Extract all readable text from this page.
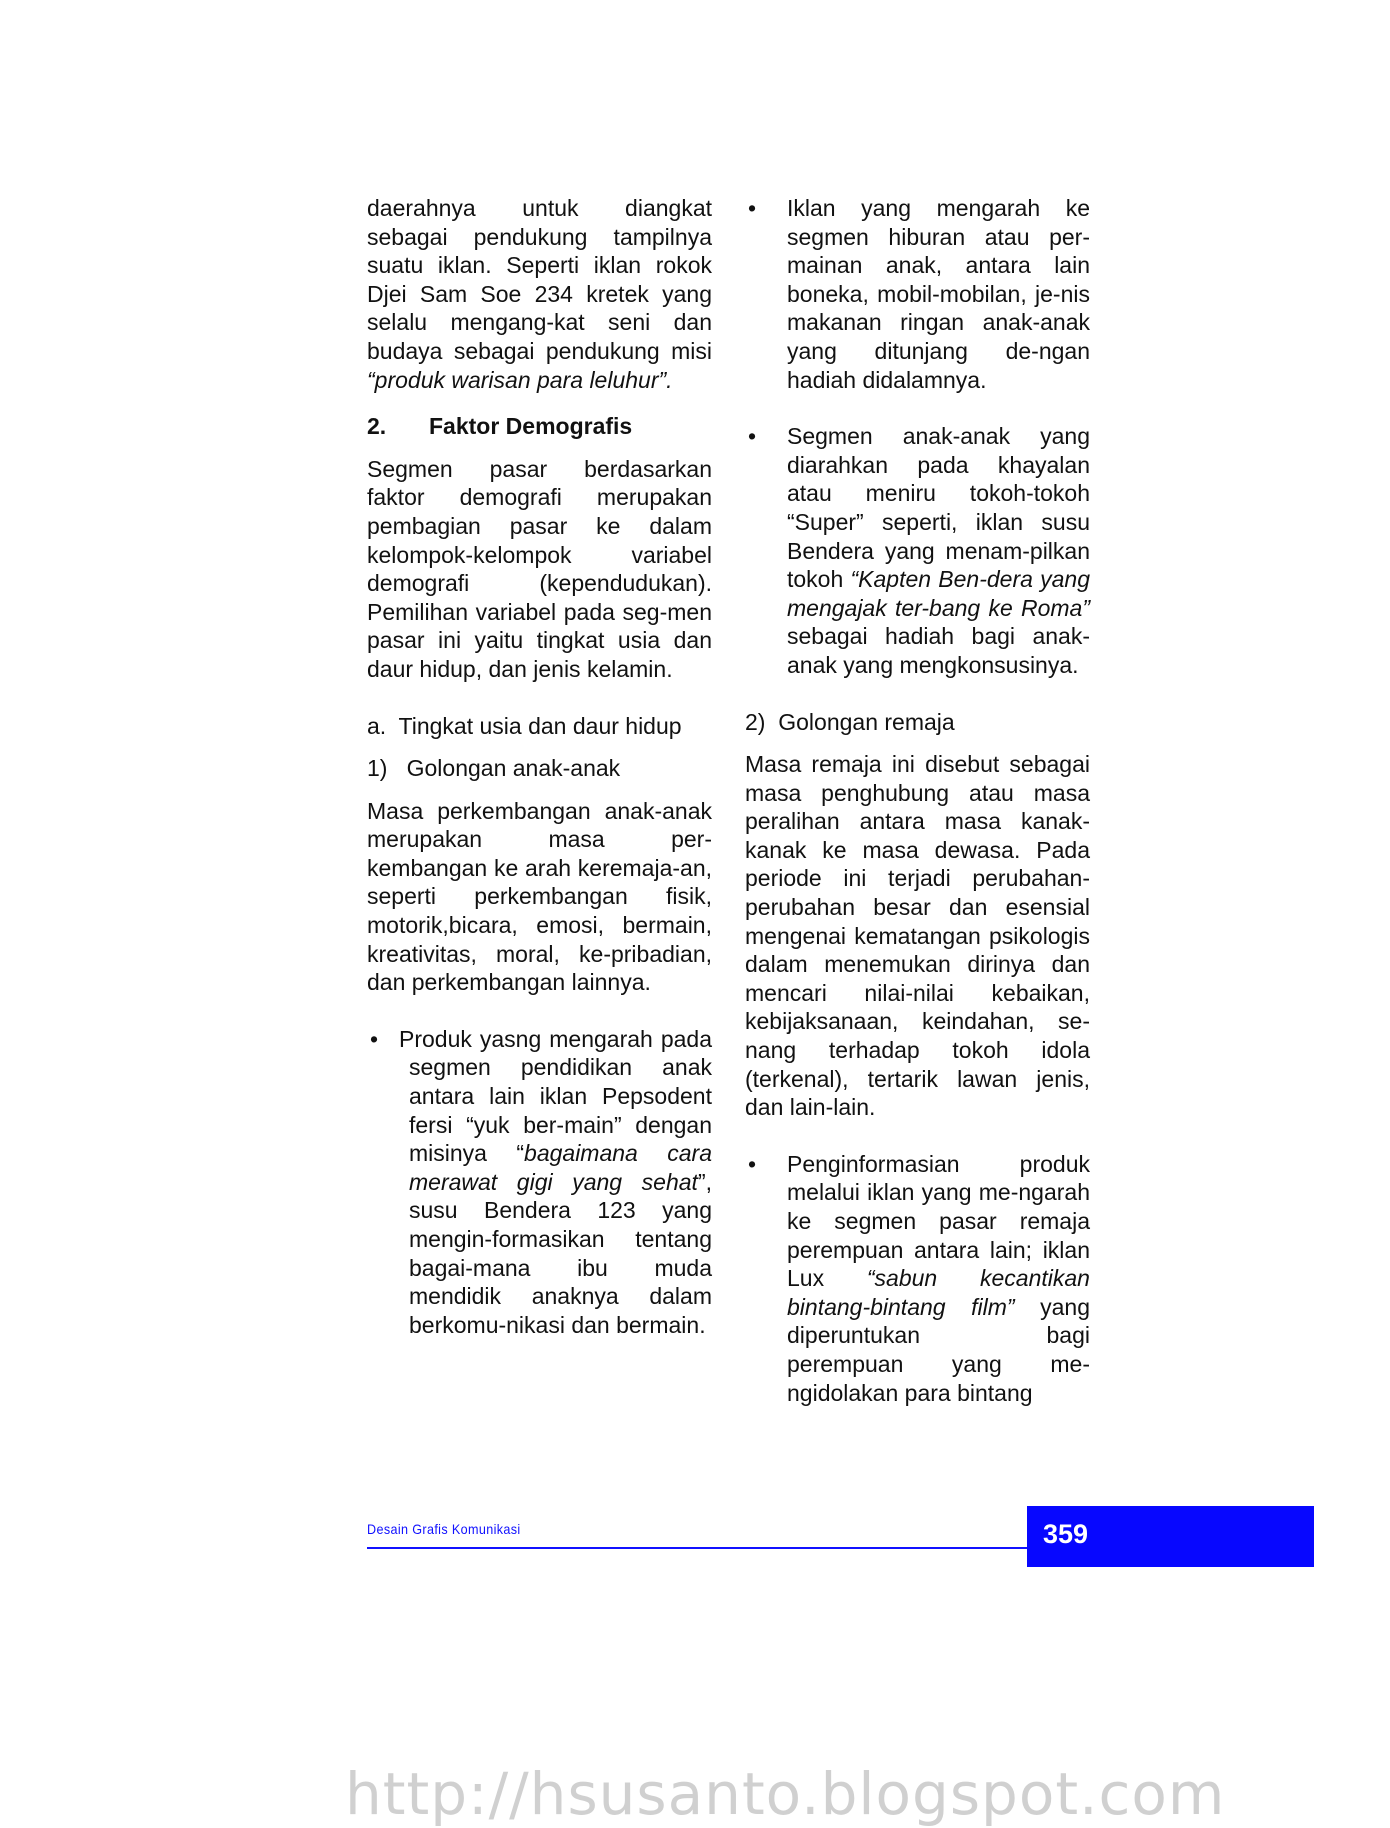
daerahnya untuk diangkat sebagai pendukung tampilnya suatu iklan. Seperti iklan rokok Djei Sam Soe 234 kretek yang selalu mengang-kat seni dan budaya sebagai pendukung misi “produk warisan para leluhur”.

2.	Faktor Demografis

Segmen pasar berdasarkan faktor demografi merupakan pembagian pasar ke dalam kelompok-kelompok variabel demografi (kependudukan). Pemilihan variabel pada seg-men pasar ini yaitu tingkat usia dan daur hidup, dan jenis kelamin.

a.  Tingkat usia dan daur hidup
1)   Golongan anak-anak

Masa perkembangan anak-anak merupakan masa per-kembangan ke arah keremaja-an, seperti perkembangan fisik, motorik,bicara, emosi, bermain, kreativitas, moral, ke-pribadian, dan perkembangan lainnya.

• Produk yasng mengarah pada segmen pendidikan anak antara lain iklan Pepsodent fersi “yuk ber-main” dengan misinya “bagaimana cara merawat gigi yang sehat”, susu Bendera 123 yang mengin-formasikan tentang bagai-mana ibu muda mendidik anaknya dalam berkomu-nikasi dan bermain.
• Iklan yang mengarah ke segmen hiburan atau per-mainan anak, antara lain boneka, mobil-mobilan, je-nis makanan ringan anak-anak yang ditunjang de-ngan hadiah didalamnya.
• Segmen anak-anak yang diarahkan pada khayalan atau meniru tokoh-tokoh “Super” seperti, iklan susu Bendera yang menam-pilkan tokoh “Kapten Ben-dera yang mengajak ter-bang ke Roma” sebagai hadiah bagi anak-anak yang mengkonsusinya.
2)  Golongan remaja

Masa remaja ini disebut sebagai masa penghubung atau masa peralihan antara masa kanak-kanak ke masa dewasa. Pada periode ini terjadi perubahan-perubahan besar dan esensial mengenai kematangan psikologis dalam menemukan dirinya dan mencari nilai-nilai kebaikan, kebijaksanaan, keindahan, se-nang terhadap tokoh idola (terkenal), tertarik lawan jenis, dan lain-lain.

• Penginformasian produk melalui iklan yang me-ngarah ke segmen pasar remaja perempuan antara lain; iklan Lux “sabun kecantikan bintang-bintang film” yang diperuntukan bagi perempuan yang me-ngidolakan para bintang
Desain Grafis Komunikasi	359
http://hsusanto.blogspot.com
